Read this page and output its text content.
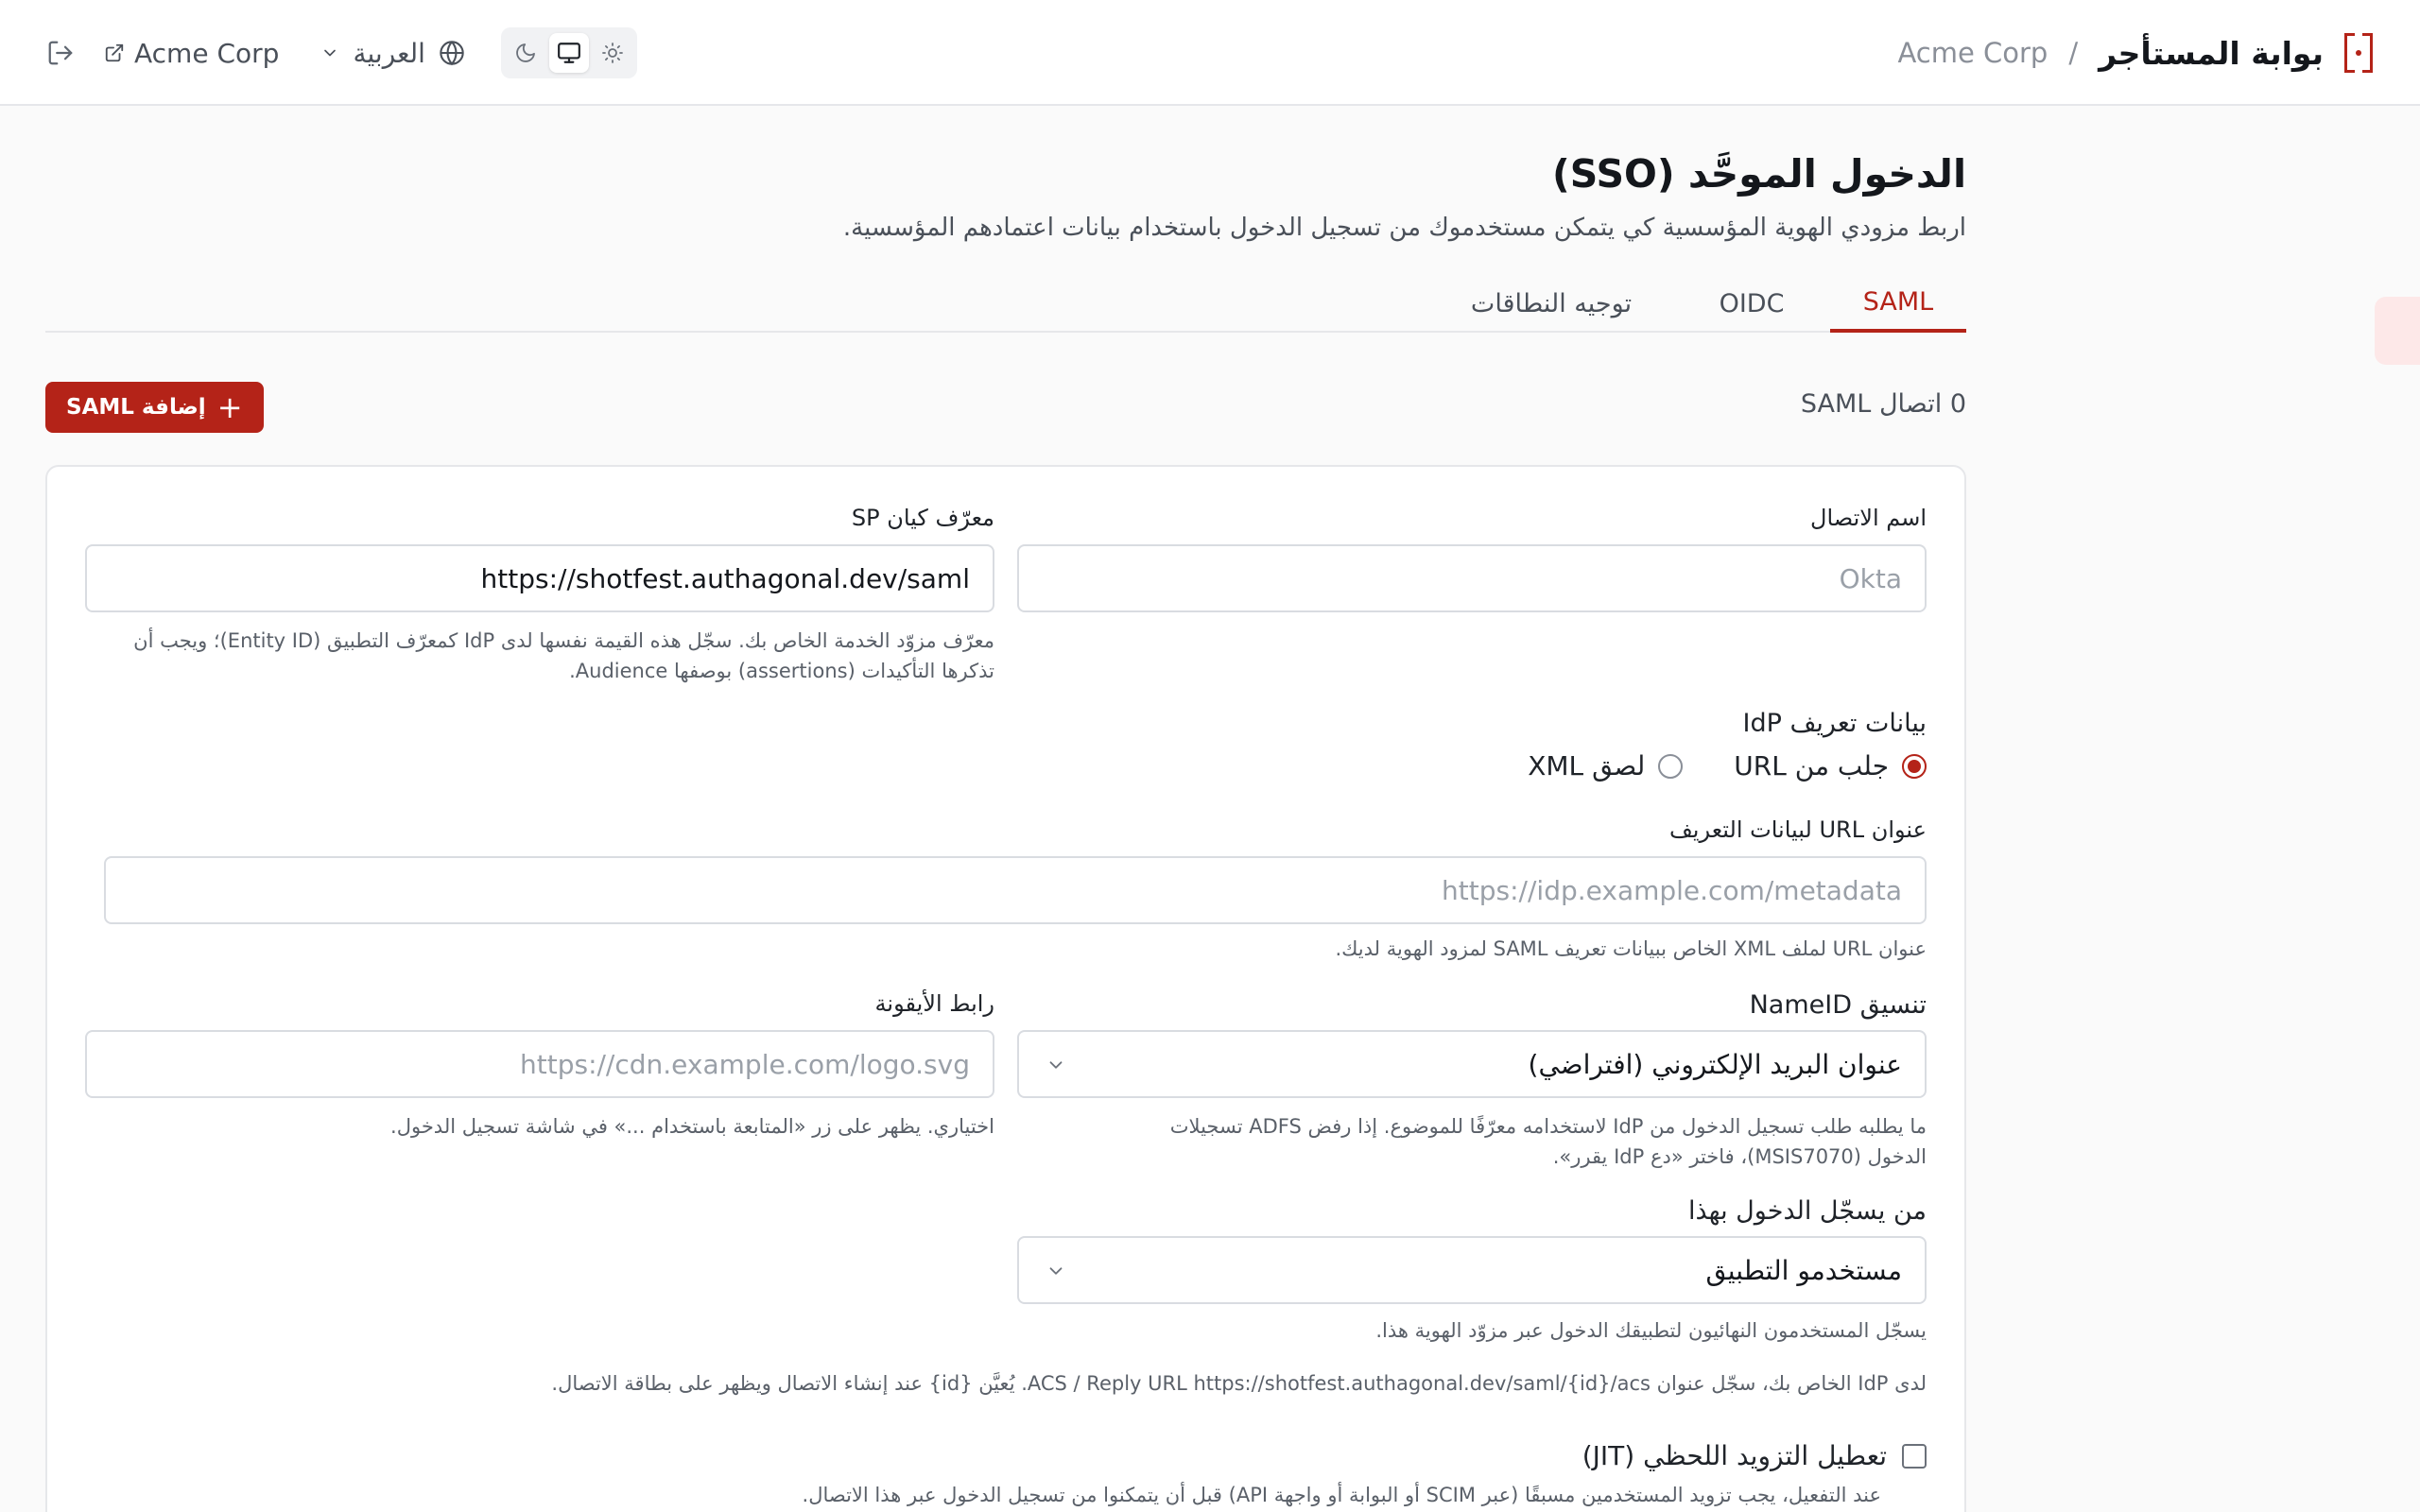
بوابة المستأجر
/
Acme Corp
Acme Corp	العربية
الدخول الموحَّد (SSO)

اربط مزودي الهوية المؤسسية كي يتمكن مستخدموك من تسجيل الدخول باستخدام بيانات اعتمادهم المؤسسية.

SAML
OIDC
توجيه النطاقات
0 اتصال SAML
+
إضافة SAML
اسم الاتصال
Okta
معرّف كيان SP
https://shotfest.authagonal.dev/saml
معرّف مزوّد الخدمة الخاص بك. سجّل هذه القيمة نفسها لدى IdP كمعرّف التطبيق (Entity ID)؛ ويجب أن
تذكرها التأكيدات (assertions) بوصفها Audience.
بيانات تعريف IdP
جلب من URL
لصق XML
عنوان URL لبيانات التعريف
https://idp.example.com/metadata
عنوان URL لملف XML الخاص ببيانات تعريف SAML لمزود الهوية لديك.
تنسيق NameID
عنوان البريد الإلكتروني (افتراضي)
ما يطلبه طلب تسجيل الدخول من IdP لاستخدامه معرّفًا للموضوع. إذا رفض ADFS تسجيلات
الدخول (MSIS7070)، فاختر «دع IdP يقرر».
رابط الأيقونة
https://cdn.example.com/logo.svg
اختياري. يظهر على زر «المتابعة باستخدام ...» في شاشة تسجيل الدخول.
من يسجّل الدخول بهذا
مستخدمو التطبيق
يسجّل المستخدمون النهائيون لتطبيقك الدخول عبر مزوّد الهوية هذا.
لدى IdP الخاص بك، سجّل عنوان ACS / Reply URL https://shotfest.authagonal.dev/saml/{id}/acs. يُعيَّن {id} عند إنشاء الاتصال ويظهر على بطاقة الاتصال.
تعطيل التزويد اللحظي (JIT)
عند التفعيل، يجب تزويد المستخدمين مسبقًا (عبر SCIM أو البوابة أو واجهة API) قبل أن يتمكنوا من تسجيل الدخول عبر هذا الاتصال.
